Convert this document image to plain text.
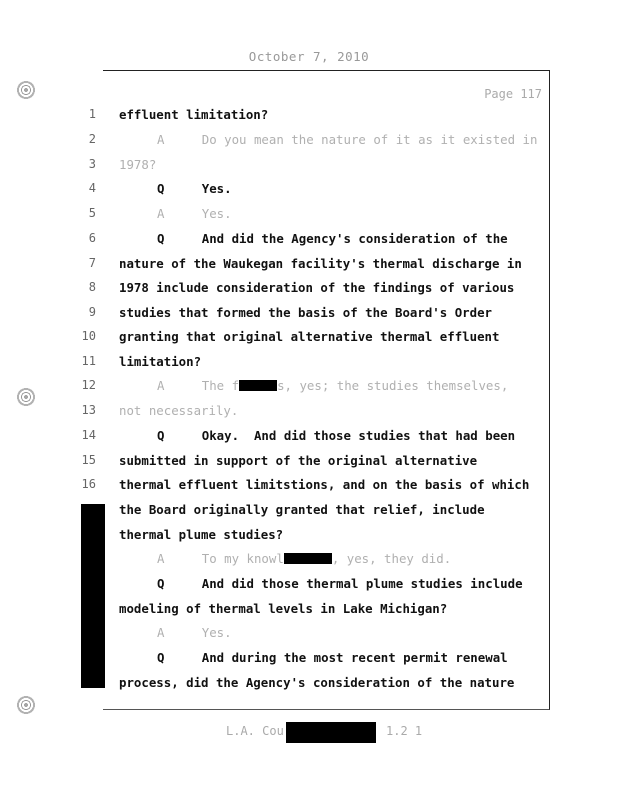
October 7, 2010
Page 117
1 effluent limitation?
2	A     Do you mean the nature of it as it existed in
3 1978?
4	Q     Yes.
5	A     Yes.
6	Q     And did the Agency's consideration of the
7 nature of the Waukegan facility's thermal discharge in
8 1978 include consideration of the findings of various
9 studies that formed the basis of the Board's Order
10 granting that original alternative thermal effluent
11 limitation?
12	A     The f	s, yes; the studies themselves,
13 not necessarily.
14	Q     Okay.  And did those studies that had been
15 submitted in support of the original alternative
16 thermal effluent limitstions, and on the basis of which
the Board originally granted that relief, include
thermal plume studies?
A     To my knowl	, yes, they did.
Q     And did those thermal plume studies include
modeling of thermal levels in Lake Michigan?
A     Yes.
Q     And during the most recent permit renewal
process, did the Agency's consideration of the nature
L.A. Cou	1.2 1
